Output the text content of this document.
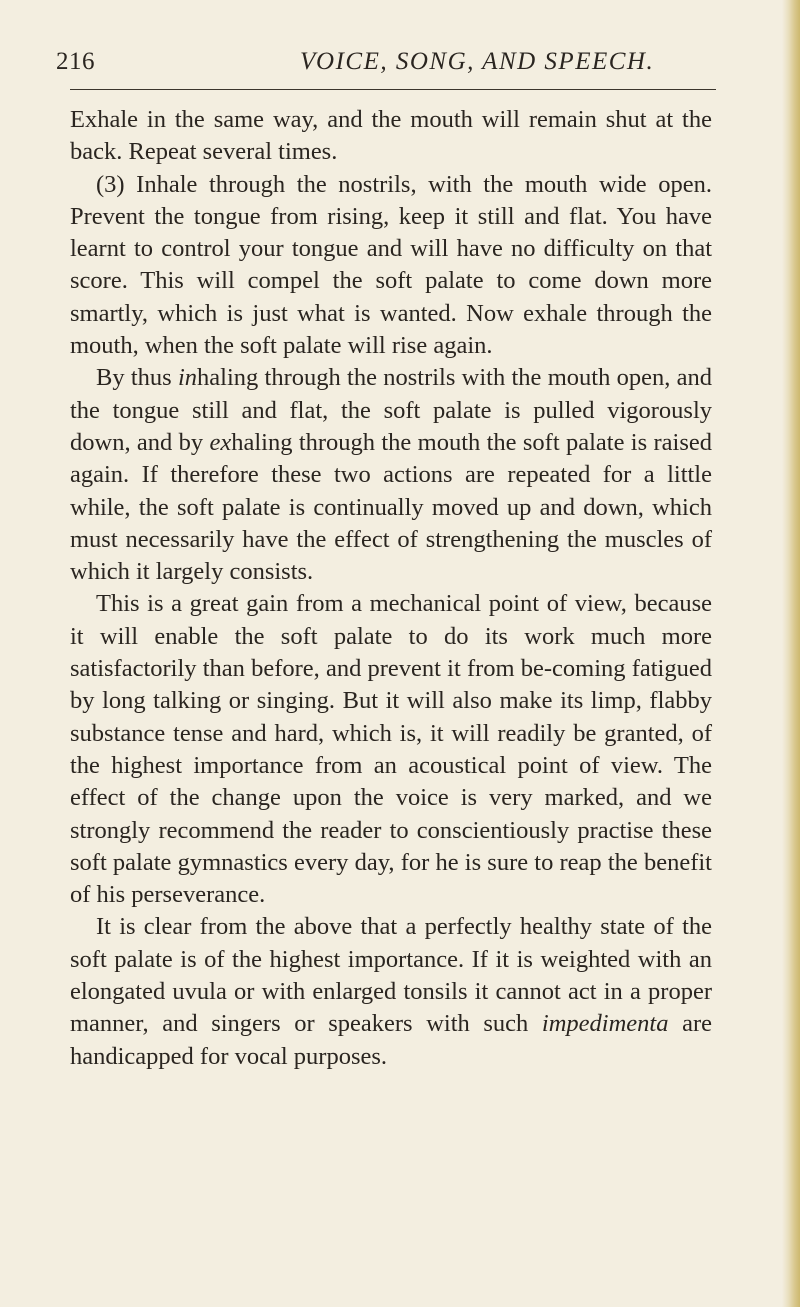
216	VOICE, SONG, AND SPEECH.

Exhale in the same way, and the mouth will remain shut at the back. Repeat several times.

(3) Inhale through the nostrils, with the mouth wide open. Prevent the tongue from rising, keep it still and flat. You have learnt to control your tongue and will have no difficulty on that score. This will compel the soft palate to come down more smartly, which is just what is wanted. Now exhale through the mouth, when the soft palate will rise again.

By thus inhaling through the nostrils with the mouth open, and the tongue still and flat, the soft palate is pulled vigorously down, and by exhaling through the mouth the soft palate is raised again. If therefore these two actions are repeated for a little while, the soft palate is continually moved up and down, which must necessarily have the effect of strengthening the muscles of which it largely consists.

This is a great gain from a mechanical point of view, because it will enable the soft palate to do its work much more satisfactorily than before, and prevent it from be-coming fatigued by long talking or singing. But it will also make its limp, flabby substance tense and hard, which is, it will readily be granted, of the highest importance from an acoustical point of view. The effect of the change upon the voice is very marked, and we strongly recommend the reader to conscientiously practise these soft palate gymnastics every day, for he is sure to reap the benefit of his perseverance.

It is clear from the above that a perfectly healthy state of the soft palate is of the highest importance. If it is weighted with an elongated uvula or with enlarged tonsils it cannot act in a proper manner, and singers or speakers with such impedimenta are handicapped for vocal purposes.
